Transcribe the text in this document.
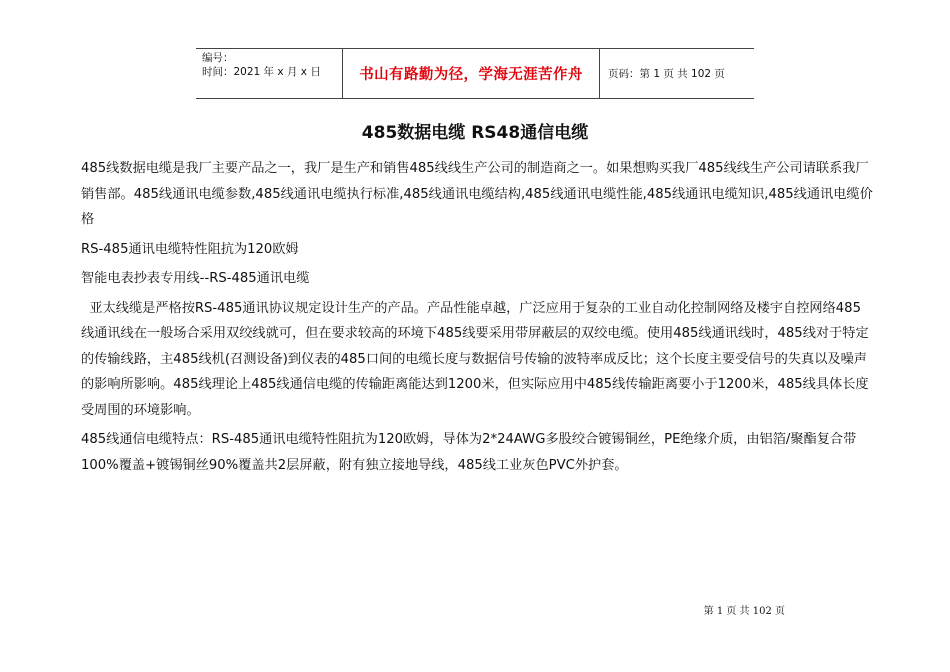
编号：
时间：2021 年 x 月 x 日	书山有路勤为径，学海无涯苦作舟	页码：第 1 页 共 102 页
485数据电缆 RS48通信电缆

485线数据电缆是我厂主要产品之一，我厂是生产和销售485线线生产公司的制造商之一。如果想购买我厂485线线生产公司请联系我厂销售部。485线通讯电缆参数,485线通讯电缆执行标准,485线通讯电缆结构,485线通讯电缆性能,485线通讯电缆知识,485线通讯电缆价格

RS-485通讯电缆特性阻抗为120欧姆

智能电表抄表专用线--RS-485通讯电缆

亚太线缆是严格按RS-485通讯协议规定设计生产的产品。产品性能卓越，广泛应用于复杂的工业自动化控制网络及楼宇自控网络485线通讯线在一般场合采用双绞线就可，但在要求较高的环境下485线要采用带屏蔽层的双绞电缆。使用485线通讯线时，485线对于特定的传输线路，主485线机(召测设备)到仪表的485口间的电缆长度与数据信号传输的波特率成反比；这个长度主要受信号的失真以及噪声的影响所影响。485线理论上485线通信电缆的传输距离能达到1200米，但实际应用中485线传输距离要小于1200米，485线具体长度受周围的环境影响。

485线通信电缆特点：RS-485通讯电缆特性阻抗为120欧姆，导体为2*24AWG多股绞合镀锡铜丝，PE绝缘介质，由铝箔/聚酯复合带100%覆盖+镀锡铜丝90%覆盖共2层屏蔽，附有独立接地导线，485线工业灰色PVC外护套。

第 1 页 共 102 页
